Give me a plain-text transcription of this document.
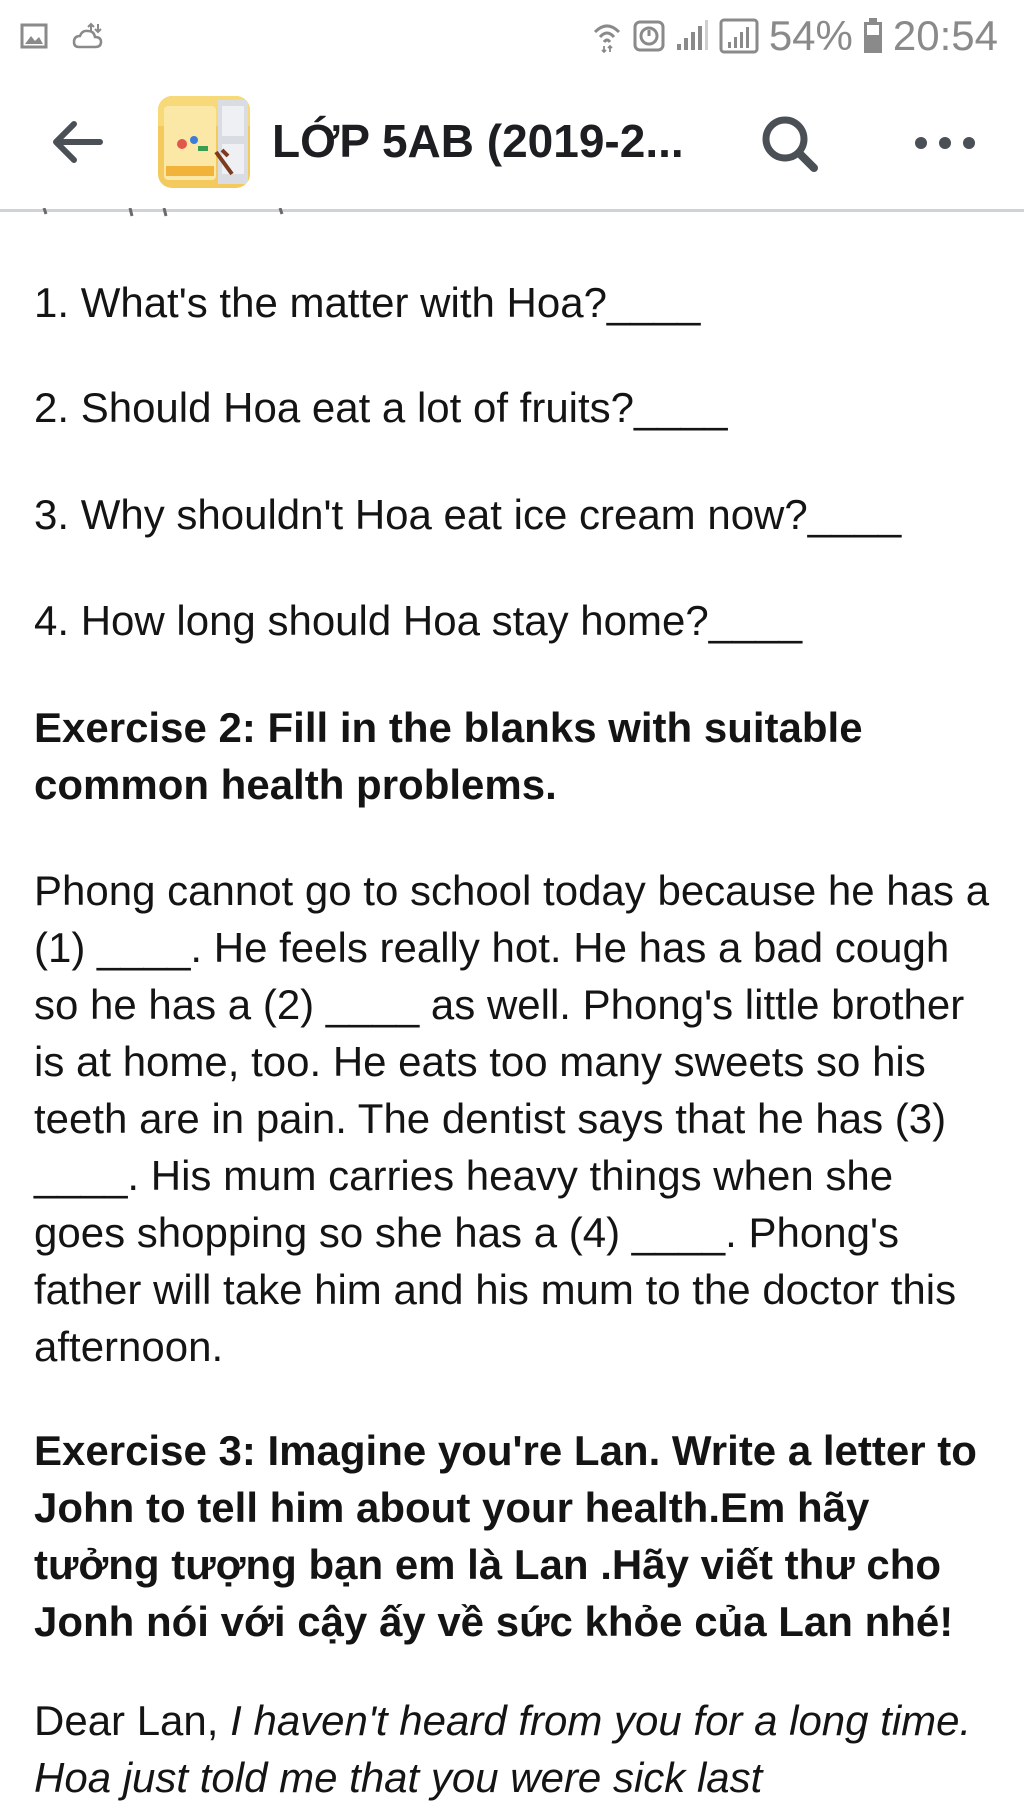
54% 20:54
LỚP 5AB (2019-2...

1. What's the matter with Hoa?____

2. Should Hoa eat a lot of fruits?____

3. Why shouldn't Hoa eat ice cream now?____

4. How long should Hoa stay home?____

Exercise 2: Fill in the blanks with suitable common health problems.

Phong cannot go to school today because he has a (1) ____. He feels really hot. He has a bad cough so he has a (2) ____ as well. Phong's little brother is at home, too. He eats too many sweets so his teeth are in pain. The dentist says that he has (3) ____. His mum carries heavy things when she goes shopping so she has a (4) ____. Phong's father will take him and his mum to the doctor this afternoon.

Exercise 3: Imagine you're Lan. Write a letter to John to tell him about your health.Em hãy tưởng tượng bạn em là Lan .Hãy viết thư cho Jonh nói với cậy ấy về sức khỏe của Lan nhé!

Dear Lan, I haven't heard from you for a long time. Hoa just told me that you were sick last
